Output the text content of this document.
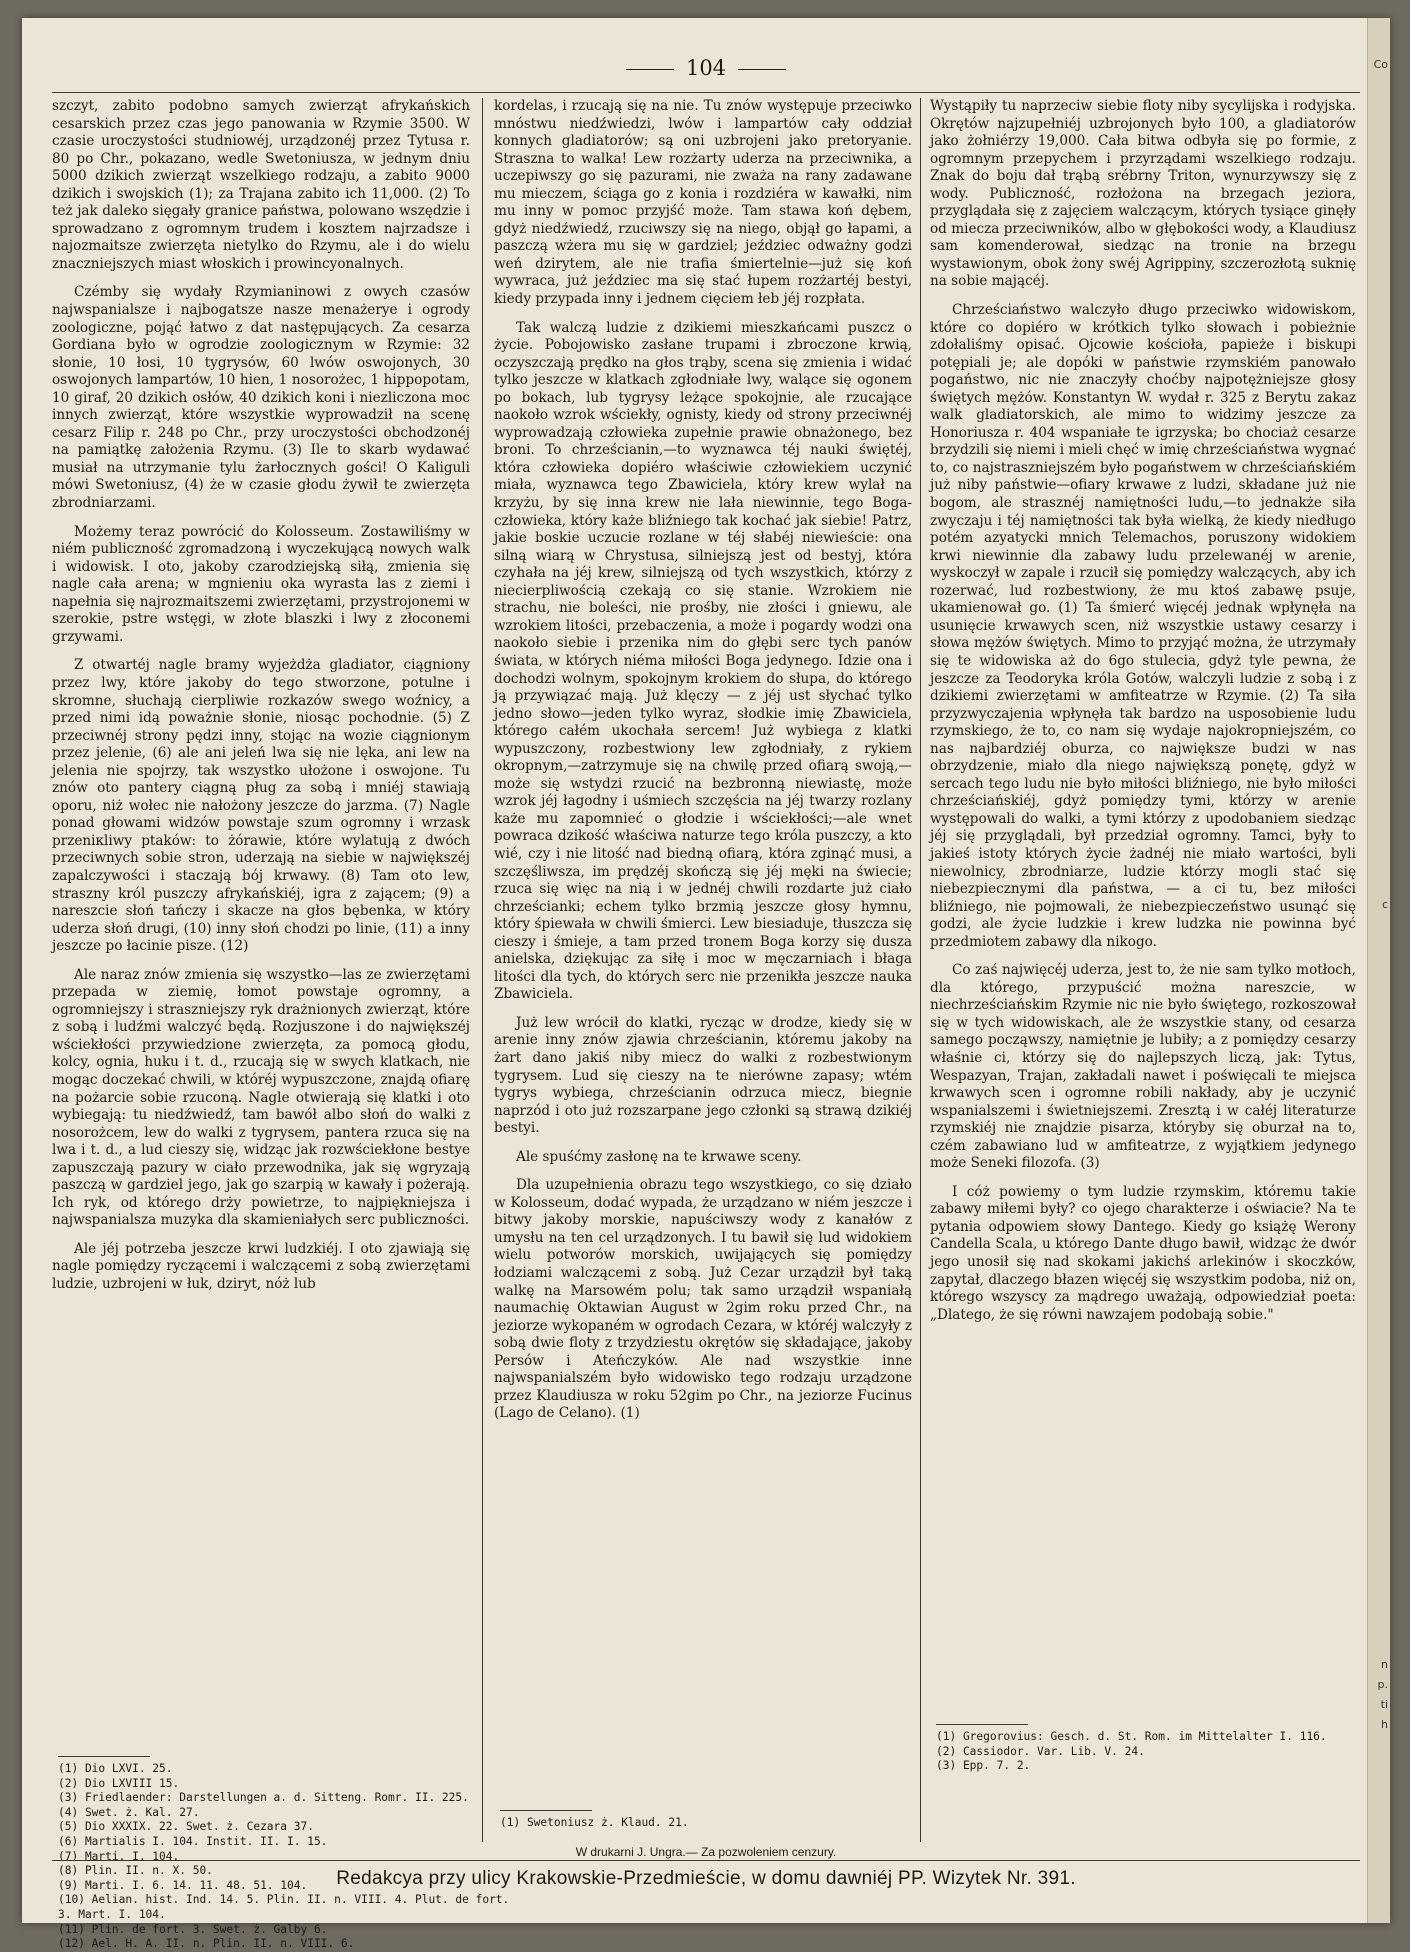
104

szczyt, zabito podobno samych zwierząt afrykańskich cesarskich przez czas jego panowania w Rzymie 3500. W czasie uroczystości studniowéj, urządzonéj przez Tytusa r. 80 po Chr., pokazano, wedle Swetoniusza, w jednym dniu 5000 dzikich zwierząt wszelkiego rodzaju, a zabito 9000 dzikich i swojskich (1); za Trajana zabito ich 11,000. (2) To też jak daleko sięgały granice państwa, polowano wszędzie i sprowadzano z ogromnym trudem i kosztem najrzadsze i najozmaitsze zwierzęta nietylko do Rzymu, ale i do wielu znaczniejszych miast włoskich i prowincyonalnych.

Czémby się wydały Rzymianinowi z owych czasów najwspanialsze i najbogatsze nasze menażerye i ogrody zoologiczne, pojąć łatwo z dat następujących. Za cesarza Gordiana było w ogrodzie zoologicznym w Rzymie: 32 słonie, 10 łosi, 10 tygrysów, 60 lwów oswojonych, 30 oswojonych lampartów, 10 hien, 1 nosorożec, 1 hippopotam, 10 giraf, 20 dzikich osłów, 40 dzikich koni i niezliczona moc innych zwierząt, które wszystkie wyprowadził na scenę cesarz Filip r. 248 po Chr., przy uroczystości obchodzonéj na pamiątkę założenia Rzymu. (3) Ile to skarb wydawać musiał na utrzymanie tylu żarłocznych gości! O Kaliguli mówi Swetoniusz, (4) że w czasie głodu żywił te zwierzęta zbrodniarzami.

Możemy teraz powrócić do Kolosseum. Zostawiliśmy w niém publiczność zgromadzoną i wyczekującą nowych walk i widowisk. I oto, jakoby czarodziejską siłą, zmienia się nagle cała arena; w mgnieniu oka wyrasta las z ziemi i napełnia się najrozmaitszemi zwierzętami, przystrojonemi w szerokie, pstre wstęgi, w złote blaszki i lwy z złoconemi grzywami.

Z otwartéj nagle bramy wyjeżdża gladiator, ciągniony przez lwy, które jakoby do tego stworzone, potulne i skromne, słuchają cierpliwie rozkazów swego woźnicy, a przed nimi idą poważnie słonie, niosąc pochodnie. (5) Z przeciwnéj strony pędzi inny, stojąc na wozie ciągnionym przez jelenie, (6) ale ani jeleń lwa się nie lęka, ani lew na jelenia nie spojrzy, tak wszystko ułożone i oswojone. Tu znów oto pantery ciągną pług za sobą i mniéj stawiają oporu, niż wołec nie nałożony jeszcze do jarzma. (7) Nagle ponad głowami widzów powstaje szum ogromny i wrzask przeniкliwy ptaków: to żórawie, które wylatują z dwóch przeciwnych sobie stron, uderzają na siebie w największéj zapalczywości i staczają bój krwawy. (8) Tam oto lew, straszny król puszczy afrykańskiéj, igra z zającem; (9) a nareszcie słoń tańczy i skacze na głos bębenka, w który uderza słoń drugi, (10) inny słoń chodzi po linie, (11) a inny jeszcze po łacinie pisze. (12)

Ale naraz znów zmienia się wszystko—las ze zwierzętami przepada w ziemię, łomot powstaje ogromny, a ogromniejszy i straszniejszy ryk drażnionych zwierząt, które z sobą i ludźmi walczyć będą. Rozjuszone i do największéj wściekłości przywiedzione zwierzęta, za pomocą głodu, kolcy, ognia, huku i t. d., rzucają się w swych klatkach, nie mogąc doczekać chwili, w któréj wypuszczone, znajdą ofiarę na pożarcie sobie rzuconą. Nagle otwierają się klatki i oto wybiegają: tu niedźwiedź, tam bawół albo słoń do walki z nosorożcem, lew do walki z tygrysem, pantera rzuca się na lwa i t. d., a lud cieszy się, widząc jak rozwściekłone bestye zapuszczają pazury w ciało przewodnika, jak się wgryzają paszczą w gardziel jego, jak go szarpią w kawały i pożerają. Ich ryk, od którego drży powietrze, to najpiękniejsza i najwspanialsza muzyka dla skamieniałych serc publiczności.

Ale jéj potrzeba jeszcze krwi ludzkiéj. I oto zjawiają się nagle pomiędzy ryczącemi i walczącemi z sobą zwierzętami ludzie, uzbrojeni w łuk, dziryt, nóż lub

(1) Dio LXVI. 25.
(2) Dio LXVIII 15.
(3) Friedlaender: Darstellungen a. d. Sitteng. Romr. II. 225.
(4) Swet. ż. Kal. 27.
(5) Dio XXXIX. 22. Swet. ż. Cezara 37.
(6) Martialis I. 104. Instit. II. I. 15.
(7) Marti. I. 104.
(8) Plin. II. n. X. 50.
(9) Marti. I. 6. 14. 11. 48. 51. 104.
(10) Aelian. hist. Ind. 14. 5. Plin. II. n. VIII. 4. Plut. de fort.
3. Mart. I. 104.
(11) Plin. de fort. 3. Swet. ż. Galby 6.
(12) Ael. H. A. II. n. Plin. II. n. VIII. 6.

kordelas, i rzucają się na nie. Tu znów występuje przeciwko mnóstwu niedźwiedzi, lwów i lampartów cały oddział konnych gladiatorów; są oni uzbrojeni jako pretoryanie. Straszna to walka! Lew rozżarty uderza na przeciwnika, a uczepiwszy go się pazurami, nie zważa na rany zadawane mu mieczem, ściąga go z konia i rozdziéra w kawałki, nim mu inny w pomoc przyjść może. Tam stawa koń dębem, gdyż niedźwiedź, rzuciwszy się na niego, objął go łapami, a paszczą wżera mu się w gardziel; jeździec odważny godzi weń dzirytem, ale nie trafia śmiertelnie—już się koń wywraca, już jeździec ma się stać łupem rozżartéj bestyi, kiedy przypada inny i jednem cięciem łeb jéj rozpłata.

Tak walczą ludzie z dzikiemi mieszkańcami puszcz o życie. Pobojowisko zasłane trupami i zbroczone krwią, oczyszczają prędko na głos trąby, scena się zmienia i widać tylko jeszcze w klatkach zgłodniałe lwy, walące się ogonem po bokach, lub tygrysy leżące spokojnie, ale rzucające naokoło wzrok wściekły, ognisty, kiedy od strony przeciwnéj wyprowadzają człowieka zupełnie prawie obnażonego, bez broni. To chrześcianin,—to wyznawca téj nauki świętéj, która człowieka dopiéro właściwie człowiekiem uczynić miała, wyznawca tego Zbawiciela, który krew wylał na krzyżu, by się inna krew nie lała niewinnie, tego Boga-człowieka, który każe bliźniego tak kochać jak siebie! Patrz, jakie boskie uczucie rozlane w téj słabéj niewieście: ona silną wiarą w Chrystusa, silniejszą jest od bestyj, która czyhała na jéj krew, silniejszą od tych wszystkich, którzy z niecierpliwością czekają co się stanie. Wzrokiem nie strachu, nie boleści, nie prośby, nie złości i gniewu, ale wzrokiem litości, przebaczenia, a może i pogardy wodzi ona naokoło siebie i przenika nim do głębi serc tych panów świata, w których niéma miłości Boga jedynego. Idzie ona i dochodzi wolnym, spokojnym krokiem do słupa, do którego ją przywiązać mają. Już klęczy — z jéj ust słychać tylko jedno słowo—jeden tylko wyraz, słodkie imię Zbawiciela, którego całém ukochała sercem! Już wybiega z klatki wypuszczony, rozbestwiony lew zgłodniały, z rykiem okropnym,—zatrzymuje się na chwilę przed ofiarą swoją,—może się wstydzi rzucić na bezbronną niewiastę, może wzrok jéj łagodny i uśmiech szczęścia na jéj twarzy rozlany każe mu zapomnieć o głodzie i wściekłości;—ale wnet powraca dzikość właściwa naturze tego króla puszczy, a kto wié, czy i nie litość nad biedną ofiarą, która zginąć musi, a szczęśliwsza, im prędzéj skończą się jéj męki na świecie; rzuca się więc na nią i w jednéj chwili rozdarte już ciało chrześcianki; echem tylko brzmią jeszcze głosy hymnu, który śpiewała w chwili śmierci. Lew biesiaduje, tłuszcza się cieszy i śmieje, a tam przed tronem Boga korzy się dusza anielska, dziękując za siłę i moc w męczarniach i błaga litości dla tych, do których serc nie przenikła jeszcze nauka Zbawiciela.

Już lew wrócił do klatki, rycząc w drodze, kiedy się w arenie inny znów zjawia chrześcianin, któremu jakoby na żart dano jakiś niby miecz do walki z rozbestwionym tygrysem. Lud się cieszy na te nierówne zapasy; wtém tygrys wybiega, chrześcianin odrzuca miecz, biegnie naprzód i oto już rozszarpane jego członki są strawą dzikiéj bestyi.

Ale spuśćmy zasłonę na te krwawe sceny.

Dla uzupełnienia obrazu tego wszystkiego, co się działo w Kolosseum, dodać wypada, że urządzano w niém jeszcze i bitwy jakoby morskie, napuściwszy wody z kanałów z umysłu na ten cel urządzonych. I tu bawił się lud widokiem wielu potworów morskich, uwijających się pomiędzy łodziami walczącemi z sobą. Już Cezar urządził był taką walkę na Marsowém polu; tak samo urządził wspaniałą naumachię Oktawian August w 2gim roku przed Chr., na jeziorze wykopaném w ogrodach Cezara, w któréj walczyły z sobą dwie floty z trzydziestu okrętów się składające, jakoby Persów i Ateńczyków. Ale nad wszystkie inne najwspanialszém było widowisko tego rodzaju urządzone przez Klaudiusza w roku 52gim po Chr., na jeziorze Fucinus (Lago de Celano). (1)

(1) Swetoniusz ż. Klaud. 21.

Wystąpiły tu naprzeciw siebie floty niby sycylijska i rodyjska. Okrętów najzupełniéj uzbrojonych było 100, a gladiatorów jako żołniérzy 19,000. Cała bitwa odbyła się po formie, z ogromnym przepychem i przyrządami wszelkiego rodzaju. Znak do boju dał trąbą srébrny Triton, wynurzywszy się z wody. Publiczność, rozłożona na brzegach jeziora, przyglądała się z zajęciem walczącym, których tysiące ginęły od miecza przeciwników, albo w głębokości wody, a Klaudiusz sam komenderował, siedząc na tronie na brzegu wystawionym, obok żony swéj Agrippiny, szczerozłotą suknię na sobie mającéj.

Chrześciaństwo walczyło długo przeciwko widowiskom, które co dopiéro w krótkich tylko słowach i pobieżnie zdołaliśmy opisać. Ojcowie kościoła, papieże i biskupi potępiali je; ale dopóki w państwie rzymskiém panowało pogaństwo, nic nie znaczyły choćby najpotężniejsze głosy świętych mężów. Konstantyn W. wydał r. 325 z Berytu zakaz walk gladiatorskich, ale mimo to widzimy jeszcze za Honoriusza r. 404 wspaniałe te igrzyska; bo chociaż cesarze brzydzili się niemi i mieli chęć w imię chrześciaństwa wygnać to, co najstraszniejszém było pogaństwem w chrześciańskiém już niby państwie—ofiary krwawe z ludzi, składane już nie bogom, ale strasznéj namiętności ludu,—to jednakże siła zwyczaju i téj namiętności tak była wielką, że kiedy niedługo potém azyatycki mnich Telemachos, poruszony widokiem krwi niewinnie dla zabawy ludu przelewanéj w arenie, wyskoczył w zapale i rzucił się pomiędzy walczących, aby ich rozerwać, lud rozbestwiony, że mu ktoś zabawę psuje, ukamienował go. (1) Ta śmierć więcéj jednak wpłynęła na usunięcie krwawych scen, niż wszystkie ustawy cesarzy i słowa mężów świętych. Mimo to przyjąć można, że utrzymały się te widowiska aż do 6go stulecia, gdyż tyle pewna, że jeszcze za Teodoryka króla Gotów, walczyli ludzie z sobą i z dzikiemi zwierzętami w amfiteatrze w Rzymie. (2) Ta siła przyzwyczajenia wpłynęła tak bardzo na usposobienie ludu rzymskiego, że to, co nam się wydaje najokropniejszém, co nas najbardziéj oburza, co największe budzi w nas obrzydzenie, miało dla niego największą ponętę, gdyż w sercach tego ludu nie było miłości bliźniego, nie było miłości chrześciańskiéj, gdyż pomiędzy tymi, którzy w arenie występowali do walki, a tymi którzy z upodobaniem siedząc jéj się przyglądali, był przedział ogromny. Tamci, były to jakieś istoty których życie żadnéj nie miało wartości, byli niewolnicy, zbrodniarze, ludzie którzy mogli stać się niebezpiecznymi dla państwa, — a ci tu, bez miłości bliźniego, nie pojmowali, że niebezpieczeństwo usunąć się godzi, ale życie ludzkie i krew ludzka nie powinna być przedmiotem zabawy dla nikogo.

Co zaś najwięcéj uderza, jest to, że nie sam tylko motłoch, dla którego, przypuścić można nareszcie, w niechrześciańskim Rzymie nic nie było świętego, rozkoszował się w tych widowiskach, ale że wszystkie stany, od cesarza samego począwszy, namiętnie je lubiły; a z pomiędzy cesarzy właśnie ci, którzy się do najlepszych liczą, jak: Tytus, Wespazyan, Trajan, zakładali nawet i poświęcali te miejsca krwawych scen i ogromne robili nakłady, aby je uczynić wspanialszemi i świetniejszemi. Zresztą i w całéj literaturze rzymskiéj nie znajdzie pisarza, któryby się oburzał na to, czém zabawiano lud w amfiteatrze, z wyjątkiem jedynego może Seneki filozofa. (3)

I cóż powiemy o tym ludzie rzymskim, któremu takie zabawy miłemi były? co ojego charakterze i oświacie? Na te pytania odpowiem słowy Dantego. Kiedy go książę Werony Candella Scala, u którego Dante długo bawił, widząc że dwór jego unosił się nad skokami jakichś arlekinów i skoczków, zapytał, dlaczego błazen więcéj się wszystkim podoba, niż on, którego wszyscy za mądrego uważają, odpowiedział poeta: „Dlatego, że się równi nawzajem podobają sobie."

(1) Gregorovius: Gesch. d. St. Rom. im Mittelalter I. 116.
(2) Cassiodor. Var. Lib. V. 24.
(3) Epp. 7. 2.
W drukarni J. Ungra.— Za pozwoleniem cenzury.
Redakcya przy ulicy Krakowskie-Przedmieście, w domu dawniéj PP. Wizytek Nr. 391.
Co
c
n
p.
ti
h
